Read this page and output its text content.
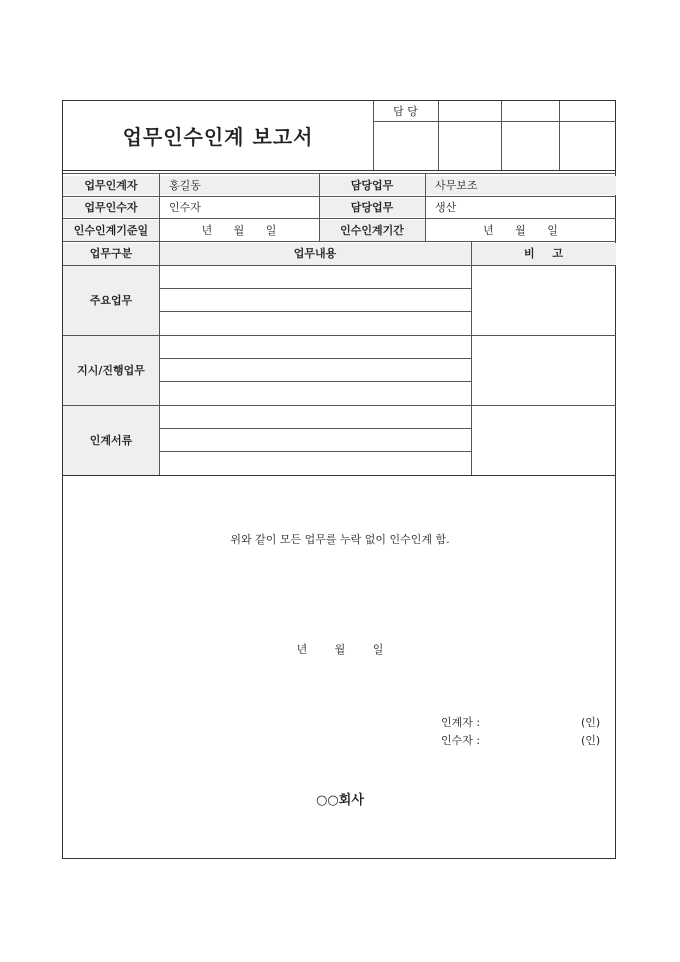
업무인수인계 보고서
담 당
업무인계자	홍길동	담당업무	사무보조
업무인수자	인수자	담당업무	생산
인수인계기준일	년 월 일	인수인계기간	년 월 일
업무구분	업무내용	비 고
주요업무
지시/진행업무
인계서류
위와 같이 모든 업무를 누락 없이 인수인계 함.
년 월 일
인계자 :	(인)
인수자 :	(인)
○○회사
